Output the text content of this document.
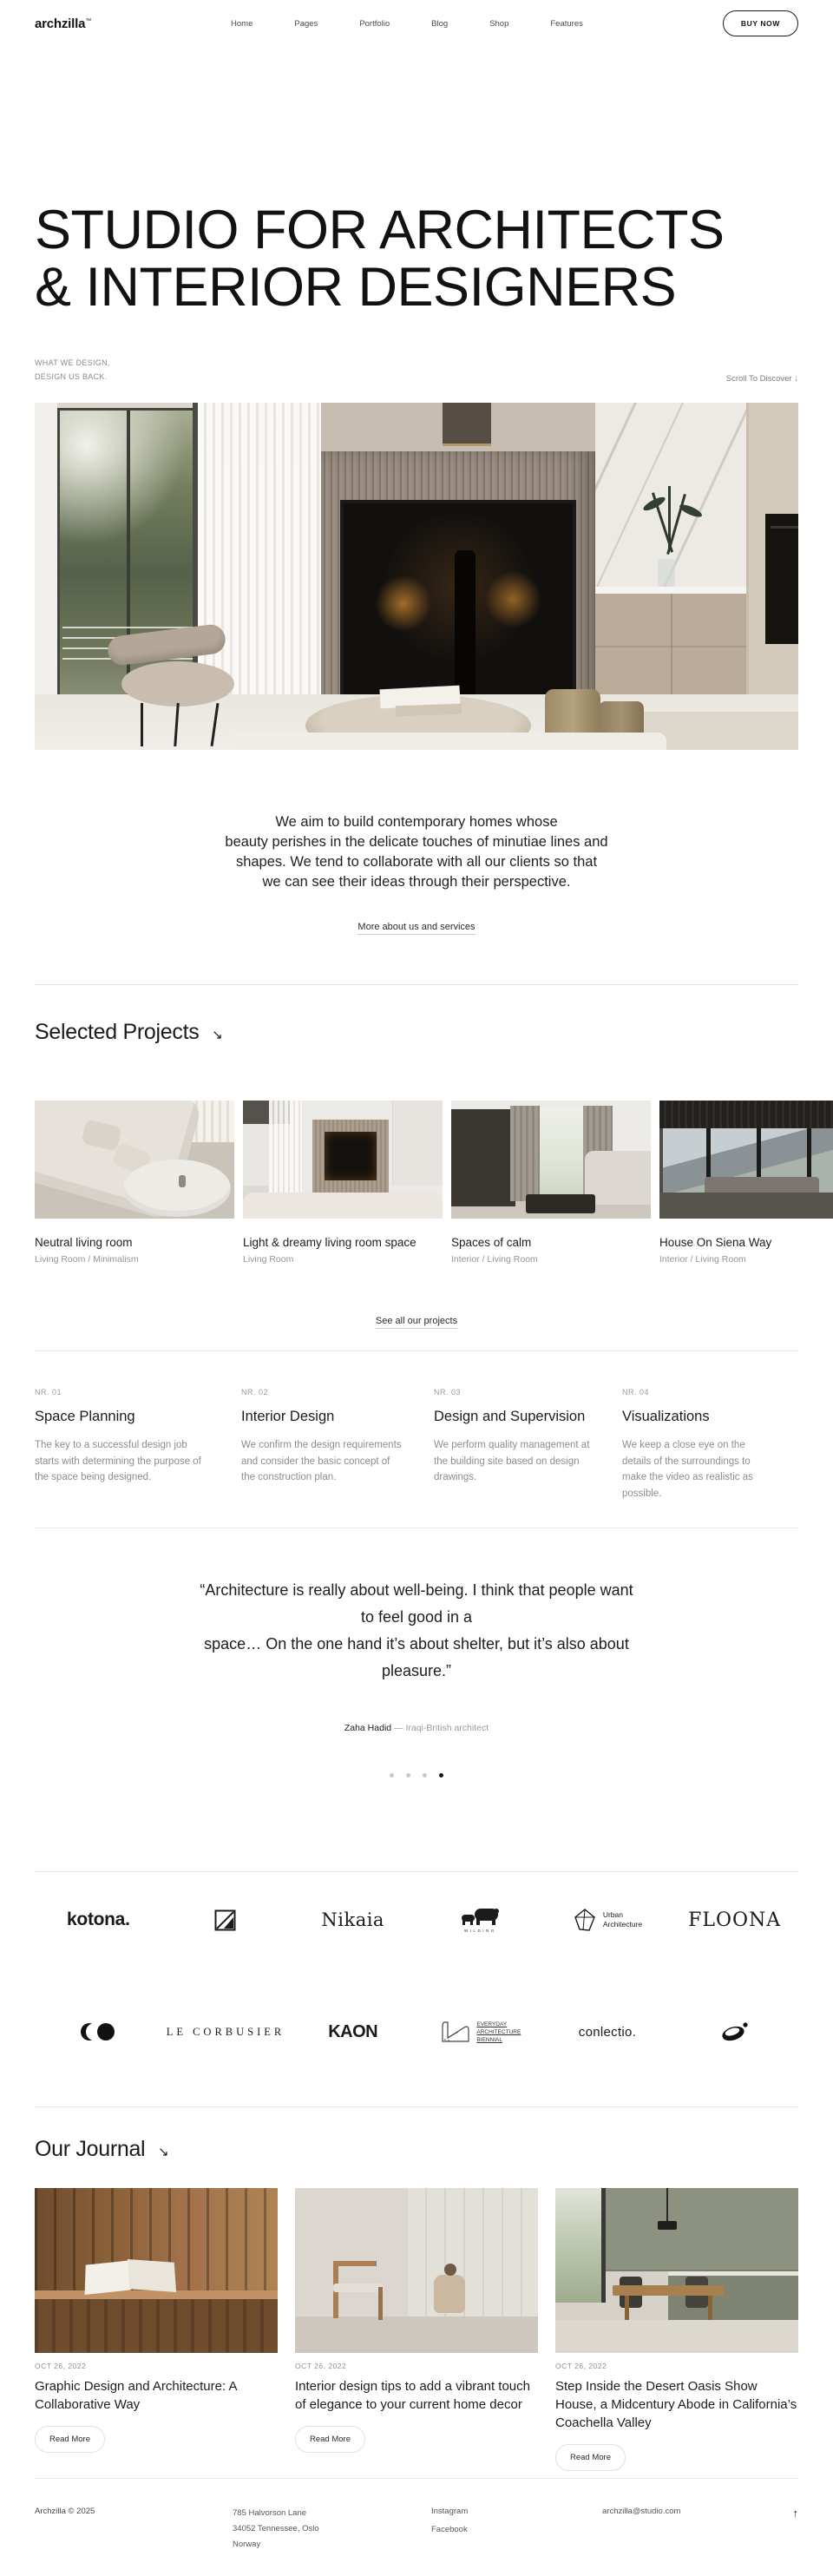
archzilla™	Home	Pages	Portfolio	Blog	Shop	Features	BUY NOW
STUDIO FOR ARCHITECTS
& INTERIOR DESIGNERS
WHAT WE DESIGN,
DESIGN US BACK.	Scroll To Discover ↓
We aim to build contemporary homes whose
beauty perishes in the delicate touches of minutiae lines and
shapes. We tend to collaborate with all our clients so that
we can see their ideas through their perspective.
More about us and services
Selected Projects ↘
Neutral living room
Living Room / Minimalism
Light & dreamy living room space
Living Room
Spaces of calm
Interior / Living Room
House On Siena Way
Interior / Living Room
See all our projects
NR. 01
Space Planning
The key to a successful design job starts with determining the purpose of the space being designed.
NR. 02
Interior Design
We confirm the design requirements and consider the basic concept of the construction plan.
NR. 03
Design and Supervision
We perform quality management at the building site based on design drawings.
NR. 04
Visualizations
We keep a close eye on the details of the surroundings to make the video as realistic as possible.
“Architecture is really about well-being. I think that people want
to feel good in a
space… On the one hand it’s about shelter, but it’s also about
pleasure.”
Zaha Hadid — Iraqi-British architect
kotona.	Nikaia	WILDING
Urban
Architecture FLOONA
LE CORBUSIER KAON	EVERYDAY
ARCHITECTURE
BIENNIAL
conlectio.
Our Journal ↘
OCT 26, 2022
Graphic Design and Architecture: A Collaborative Way
Read More
OCT 26, 2022
Interior design tips to add a vibrant touch of elegance to your current home decor
Read More
OCT 26, 2022
Step Inside the Desert Oasis Show House, a Midcentury Abode in California’s Coachella Valley
Read More
Archzilla © 2025	785 Halvorson Lane
34052 Tennessee, Oslo
Norway
Instagram
Facebook
archzilla@studio.com	↑
